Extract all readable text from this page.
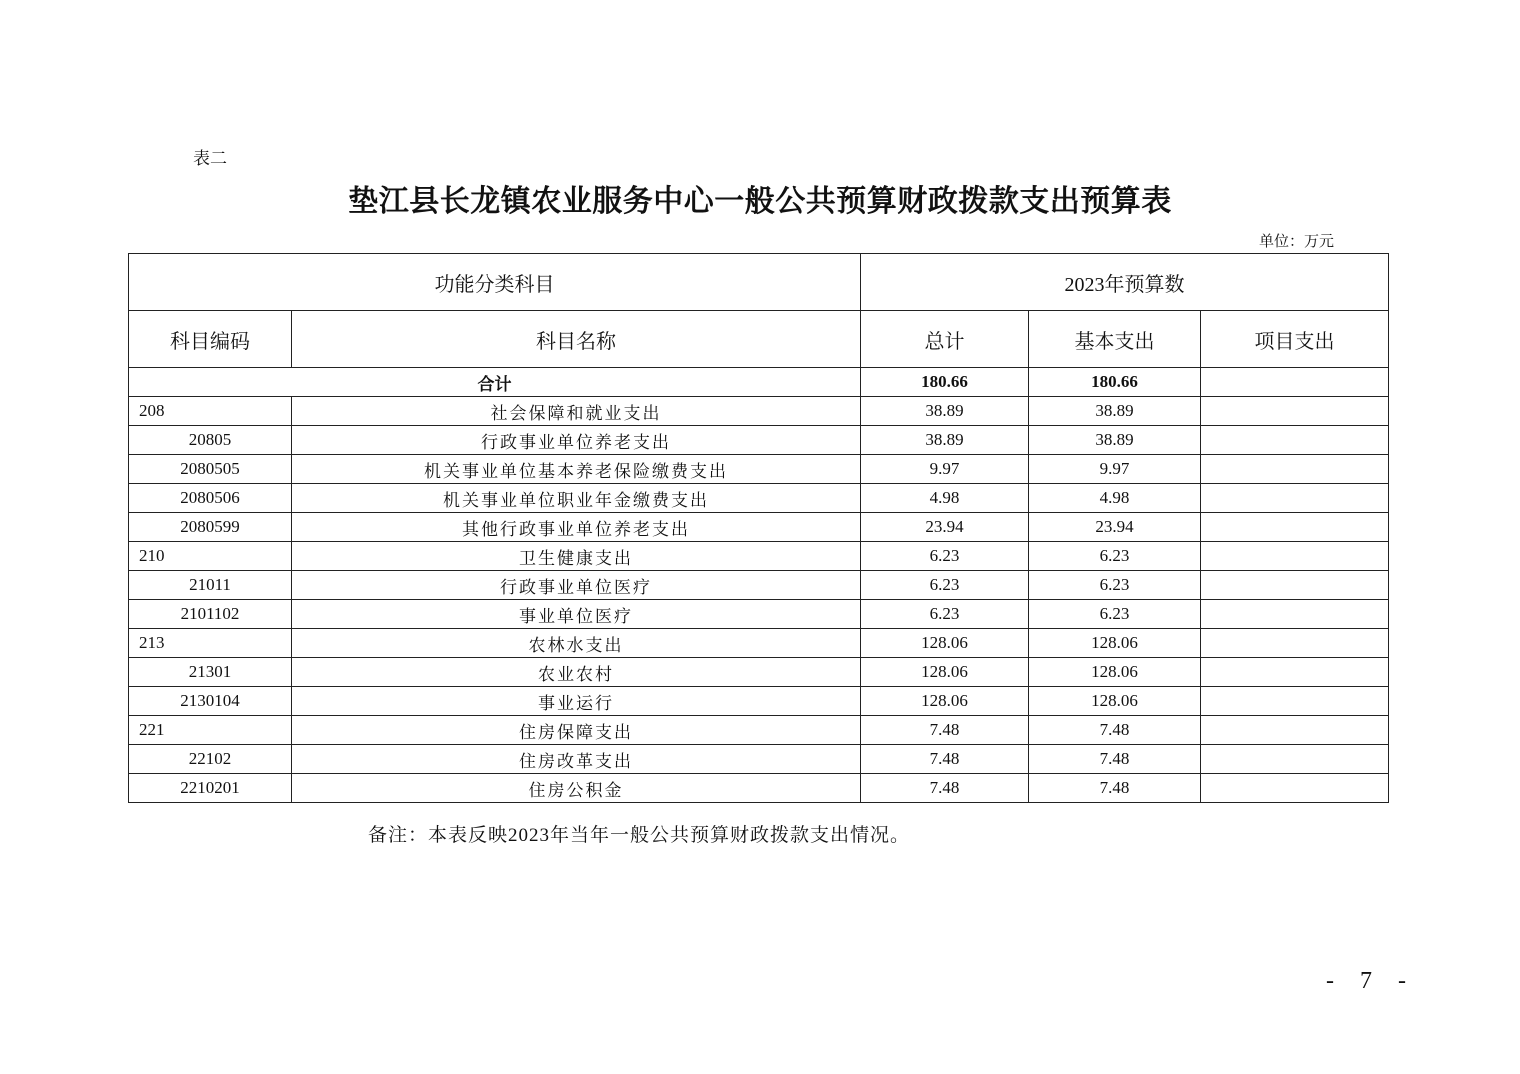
表二
垫江县长龙镇农业服务中心一般公共预算财政拨款支出预算表
单位：万元
功能分类科目		2023年预算数		
科目编码	科目名称	总计	基本支出	项目支出
合计		180.66	180.66	
208	社会保障和就业支出	38.89	38.89	
20805	行政事业单位养老支出	38.89	38.89	
2080505	机关事业单位基本养老保险缴费支出	9.97	9.97	
2080506	机关事业单位职业年金缴费支出	4.98	4.98	
2080599	其他行政事业单位养老支出	23.94	23.94	
210	卫生健康支出	6.23	6.23	
21011	行政事业单位医疗	6.23	6.23	
2101102	事业单位医疗	6.23	6.23	
213	农林水支出	128.06	128.06	
21301	农业农村	128.06	128.06	
2130104	事业运行	128.06	128.06	
221	住房保障支出	7.48	7.48	
22102	住房改革支出	7.48	7.48	
2210201	住房公积金	7.48	7.48	
备注：本表反映2023年当年一般公共预算财政拨款支出情况。
- 7 -
